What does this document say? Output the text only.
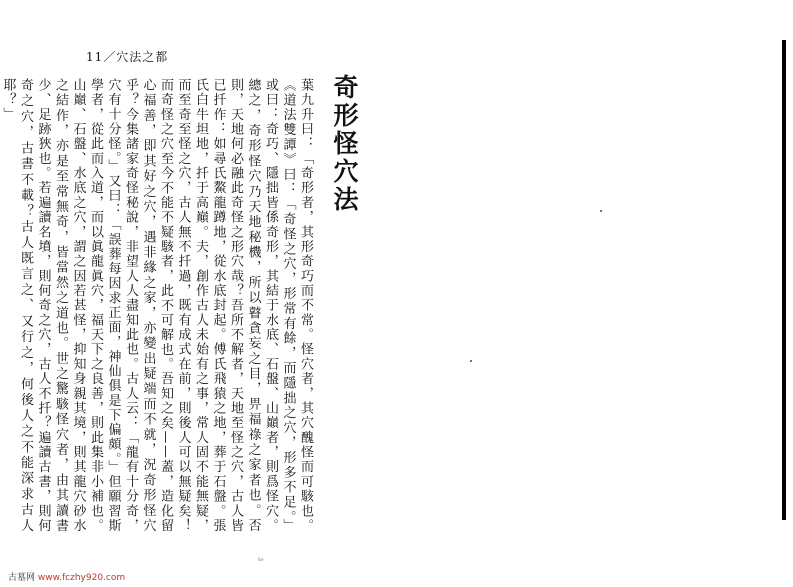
11／穴法之都
奇形怪穴法

葉九升曰：「奇形者，其形奇巧而不常。怪穴者，其穴醜怪而可駭也。《道法雙譚》曰：「奇怪之穴，形常有餘，而隱拙之穴，形多不足。」或曰：奇巧、隱拙皆係奇形，其結于水底、石盤、山巔者，則爲怪穴。總之，奇形怪穴乃天地秘機，所以瞽貪妄之目，畀福祿之家者也。否則，天地何必融此奇怪之形穴哉？吾所不解者，天地至怪之穴，古人皆已扦作：如尋氏鰲龍蹲地，從水底封起。傅氏飛猿之地，葬于石盤。張氏白牛坦地，扦于高巔。夫，創作古人未始有之事，常人固不能無疑，而至奇至怪之穴，古人無不扦過，既有成式在前，則後人可以無疑矣！而奇怪之穴至今不能不疑駭者，此不可解也。吾知之矣——蓋，造化留心福善，即其好之穴，遇非緣之家，亦變出疑端而不就，況奇形怪穴乎？今集諸家奇怪秘說，非望人人盡知此也。古人云：「龍有十分奇，穴有十分怪。」又曰：「誤葬每因求正面，神仙俱是下偏頗。」但願習斯學者，從此而入道，而以眞龍眞穴，福天下之良善，則此集非小補也。山巔、石盤、水底之穴，謂之因若甚怪，抑知身親其境，則其龍穴砂水之結作，亦是至常無奇，皆當然之道也。世之驚駭怪穴者，由其讀書少、足跡狹也。若遍讀名墳，則何奇之穴，古人不扦？遍讀古書，則何奇之穴，古書不載？古人既言之、又行之，何後人之不能深求古人耶？」

ᵗᵉ
古墓网 www.fczhy920.com
